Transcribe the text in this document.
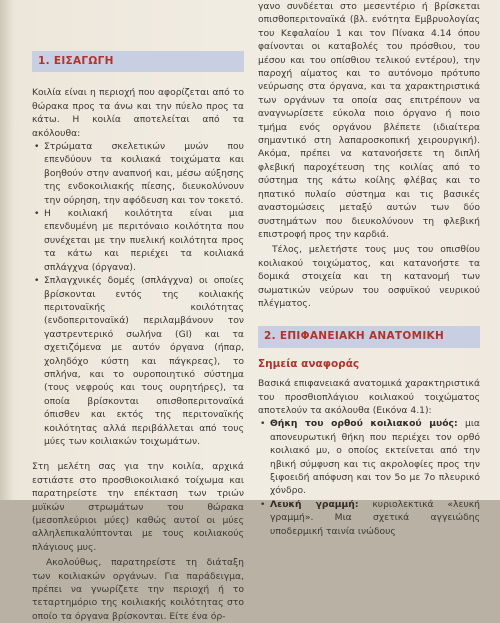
1. ΕΙΣΑΓΩΓΗ

Κοιλία είναι η περιοχή που αφορίζεται από το θώρακα προς τα άνω και την πύελο προς τα κάτω. Η κοιλία αποτελείται από τα ακόλουθα:

• Στρώματα σκελετικών μυών που επενδύουν τα κοιλιακά τοιχώματα και βοηθούν στην αναπνοή και, μέσω αύξησης της ενδοκοιλιακής πίεσης, διευκολύνουν την ούρηση, την αφόδευση και τον τοκετό.
• Η κοιλιακή κοιλότητα είναι μια επενδυμένη με περιτόναιο κοιλότητα που συνέχεται με την πυελική κοιλότητα προς τα κάτω και περιέχει τα κοιλιακά σπλάγχνα (όργανα).
• Σπλαγχνικές δομές (σπλάγχνα) οι οποίες βρίσκονται εντός της κοιλιακής περιτοναϊκής κοιλότητας (ενδοπεριτοναϊκά) περιλαμβάνουν τον γαστρεντερικό σωλήνα (GI) και τα σχετιζόμενα με αυτόν όργανα (ήπαρ, χοληδόχο κύστη και πάγκρεας), το σπλήνα, και το ουροποιητικό σύστημα (τους νεφρούς και τους ουρητήρες), τα οποία βρίσκονται οπισθοπεριτοναϊκά όπισθεν και εκτός της περιτοναϊκής κοιλότητας αλλά περιβάλλεται από τους μύες των κοιλιακών τοιχωμάτων.

Στη μελέτη σας για την κοιλία, αρχικά εστιάστε στο προσθιοκοιλιακό τοίχωμα και παρατηρείστε την επέκταση των τριών μυϊκών στρωμάτων του θώρακα (μεσοπλεύριοι μύες) καθώς αυτοί οι μύες αλληλεπικαλύπτονται με τους κοιλιακούς πλάγιους μυς.

Ακολούθως, παρατηρείστε τη διάταξη των κοιλιακών οργάνων. Για παράδειγμα, πρέπει να γνωρίζετε την περιοχή ή το τεταρτημόριο της κοιλιακής κοιλότητας στο οποίο τα όργανα βρίσκονται. Είτε ένα όρ-

γανο συνδέεται στο μεσεντέριο ή βρίσκεται οπισθοπεριτοναϊκά (βλ. ενότητα Εμβρυολογίας του Κεφαλαίου 1 και τον Πίνακα 4.14 όπου φαίνονται οι καταβολές του πρόσθιου, του μέσου και του οπίσθιου τελικού εντέρου), την παροχή αίματος και το αυτόνομο πρότυπο νεύρωσης στα όργανα, και τα χαρακτηριστικά των οργάνων τα οποία σας επιτρέπουν να αναγνωρίσετε εύκολα ποιο όργανο ή ποιο τμήμα ενός οργάνου βλέπετε (ιδιαίτερα σημαντικό στη λαπαροσκοπική χειρουργική). Ακόμα, πρέπει να κατανοήσετε τη διπλή φλεβική παροχέτευση της κοιλίας από το σύστημα της κάτω κοίλης φλέβας και το ηπατικό πυλαίο σύστημα και τις βασικές αναστομώσεις μεταξύ αυτών των δύο συστημάτων που διευκολύνουν τη φλεβική επιστροφή προς την καρδιά.

Τέλος, μελετήστε τους μυς του οπισθίου κοιλιακού τοιχώματος, και κατανοήστε τα δομικά στοιχεία και τη κατανομή των σωματικών νεύρων του οσφυϊκού νευρικού πλέγματος.

2. ΕΠΙΦΑΝΕΙΑΚΗ ΑΝΑΤΟΜΙΚΗ
Σημεία αναφοράς

Βασικά επιφανειακά ανατομικά χαρακτηριστικά του προσθιοπλάγιου κοιλιακού τοιχώματος αποτελούν τα ακόλουθα (Εικόνα 4.1):

• Θήκη του ορθού κοιλιακού μυός: μια απονευρωτική θήκη που περιέχει τον ορθό κοιλιακό μυ, ο οποίος εκτείνεται από την ηβική σύμφυση και τις ακρολοφίες προς την ξιφοειδή απόφυση και τον 5ο με 7ο πλευρικό χόνδρο.
• Λευκή γραμμή: κυριολεκτικά «λευκή γραμμή». Μια σχετικά αγγειώδης υποδερμική ταινία ινώδους
